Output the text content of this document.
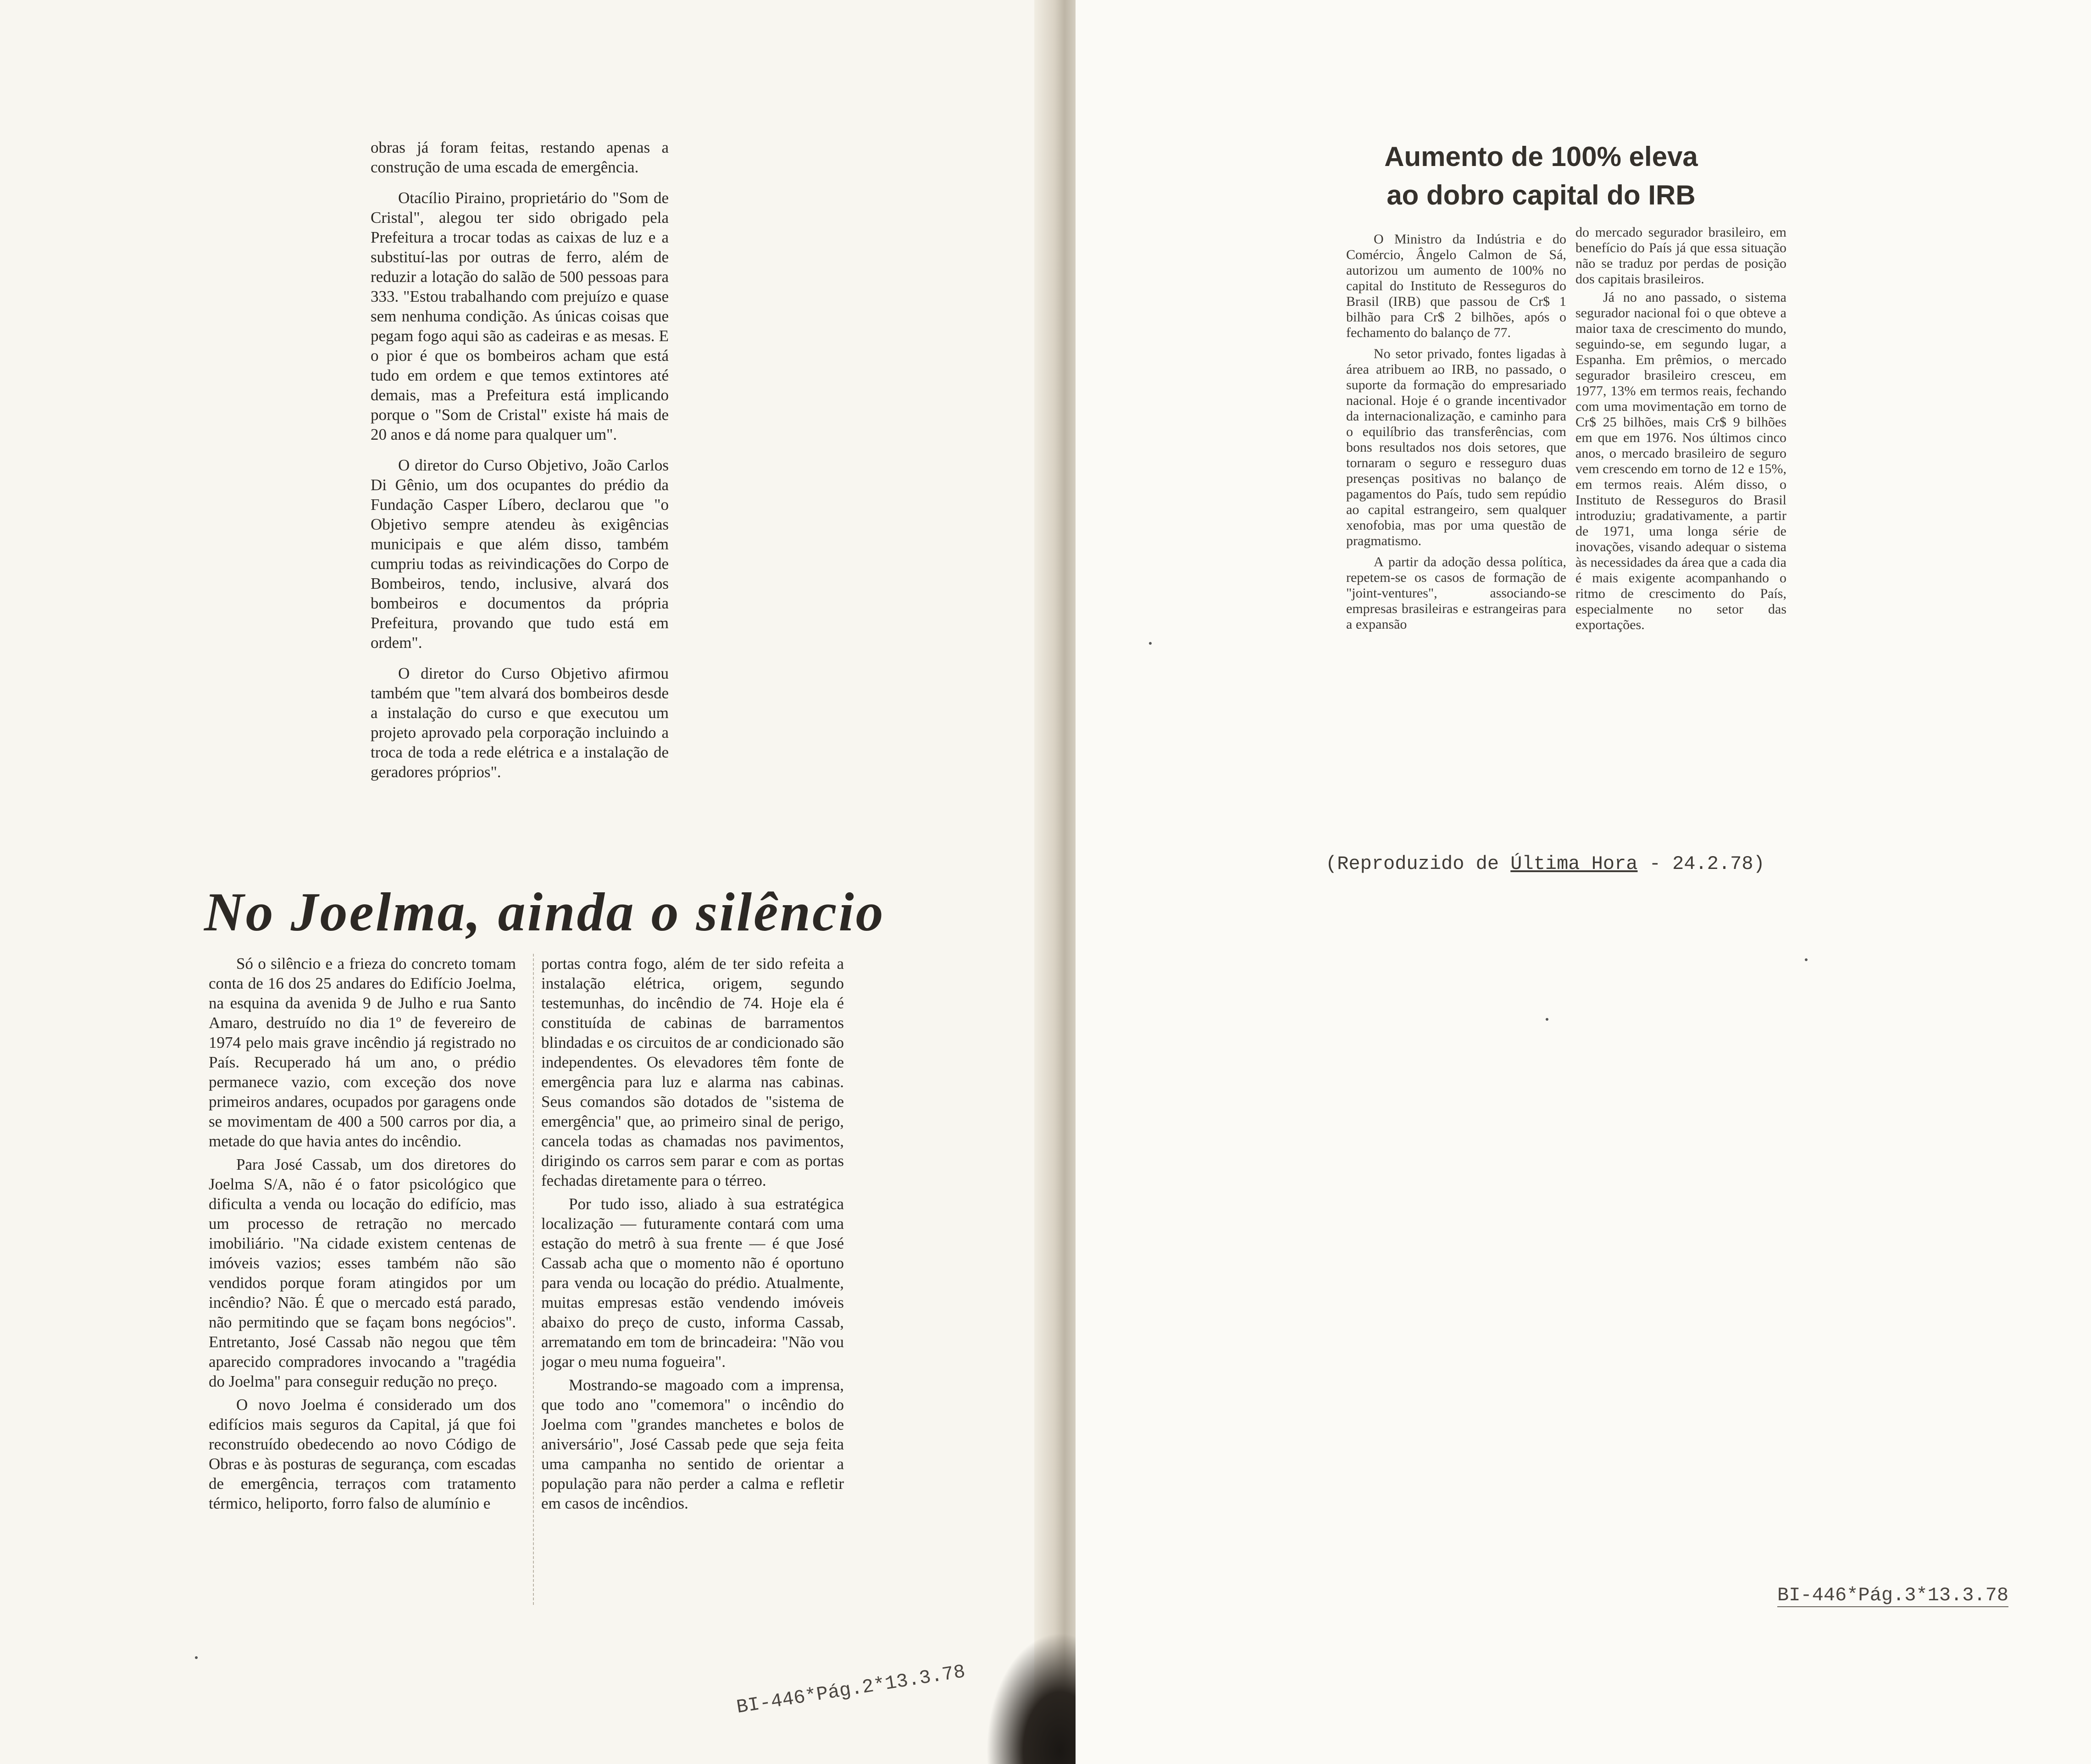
obras já foram feitas, restando apenas a construção de uma escada de emergência.

Otacílio Piraino, proprietário do "Som de Cristal", alegou ter sido obrigado pela Prefeitura a trocar todas as caixas de luz e a substituí-las por outras de ferro, além de reduzir a lotação do salão de 500 pessoas para 333. "Estou trabalhando com prejuízo e quase sem nenhuma condição. As únicas coisas que pegam fogo aqui são as cadeiras e as mesas. E o pior é que os bombeiros acham que está tudo em ordem e que temos extintores até demais, mas a Prefeitura está implicando porque o "Som de Cristal" existe há mais de 20 anos e dá nome para qualquer um".

O diretor do Curso Objetivo, João Carlos Di Gênio, um dos ocupantes do prédio da Fundação Casper Líbero, declarou que "o Objetivo sempre atendeu às exigências municipais e que além disso, também cumpriu todas as reivindicações do Corpo de Bombeiros, tendo, inclusive, alvará dos bombeiros e documentos da própria Prefeitura, provando que tudo está em ordem".

O diretor do Curso Objetivo afirmou também que "tem alvará dos bombeiros desde a instalação do curso e que executou um projeto aprovado pela corporação incluindo a troca de toda a rede elétrica e a instalação de geradores próprios".

No Joelma, ainda o silêncio

Só o silêncio e a frieza do concreto tomam conta de 16 dos 25 andares do Edifício Joelma, na esquina da avenida 9 de Julho e rua Santo Amaro, destruído no dia 1º de fevereiro de 1974 pelo mais grave incêndio já registrado no País. Recuperado há um ano, o prédio permanece vazio, com exceção dos nove primeiros andares, ocupados por garagens onde se movimentam de 400 a 500 carros por dia, a metade do que havia antes do incêndio.

Para José Cassab, um dos diretores do Joelma S/A, não é o fator psicológico que dificulta a venda ou locação do edifício, mas um processo de retração no mercado imobiliário. "Na cidade existem centenas de imóveis vazios; esses também não são vendidos porque foram atingidos por um incêndio? Não. É que o mercado está parado, não permitindo que se façam bons negócios". Entretanto, José Cassab não negou que têm aparecido compradores invocando a "tragédia do Joelma" para conseguir redução no preço.

O novo Joelma é considerado um dos edifícios mais seguros da Capital, já que foi reconstruído obedecendo ao novo Código de Obras e às posturas de segurança, com escadas de emergência, terraços com tratamento térmico, heliporto, forro falso de alumínio e

portas contra fogo, além de ter sido refeita a instalação elétrica, origem, segundo testemunhas, do incêndio de 74. Hoje ela é constituída de cabinas de barramentos blindadas e os circuitos de ar condicionado são independentes. Os elevadores têm fonte de emergência para luz e alarma nas cabinas. Seus comandos são dotados de "sistema de emergência" que, ao primeiro sinal de perigo, cancela todas as chamadas nos pavimentos, dirigindo os carros sem parar e com as portas fechadas diretamente para o térreo.

Por tudo isso, aliado à sua estratégica localização — futuramente contará com uma estação do metrô à sua frente — é que José Cassab acha que o momento não é oportuno para venda ou locação do prédio. Atualmente, muitas empresas estão vendendo imóveis abaixo do preço de custo, informa Cassab, arrematando em tom de brincadeira: "Não vou jogar o meu numa fogueira".

Mostrando-se magoado com a imprensa, que todo ano "comemora" o incêndio do Joelma com "grandes manchetes e bolos de aniversário", José Cassab pede que seja feita uma campanha no sentido de orientar a população para não perder a calma e refletir em casos de incêndios.

BI-446*Pág.2*13.3.78
Aumento de 100% eleva
ao dobro capital do IRB

O Ministro da Indústria e do Comércio, Ângelo Calmon de Sá, autorizou um aumento de 100% no capital do Instituto de Resseguros do Brasil (IRB) que passou de Cr$ 1 bilhão para Cr$ 2 bilhões, após o fechamento do balanço de 77.

No setor privado, fontes ligadas à área atribuem ao IRB, no passado, o suporte da formação do empresariado nacional. Hoje é o grande incentivador da internacionalização, e caminho para o equilíbrio das transferências, com bons resultados nos dois setores, que tornaram o seguro e resseguro duas presenças positivas no balanço de pagamentos do País, tudo sem repúdio ao capital estrangeiro, sem qualquer xenofobia, mas por uma questão de pragmatismo.

A partir da adoção dessa política, repetem-se os casos de formação de "joint-ventures", associando-se empresas brasileiras e estrangeiras para a expansão

do mercado segurador brasileiro, em benefício do País já que essa situação não se traduz por perdas de posição dos capitais brasileiros.

Já no ano passado, o sistema segurador nacional foi o que obteve a maior taxa de crescimento do mundo, seguindo-se, em segundo lugar, a Espanha. Em prêmios, o mercado segurador brasileiro cresceu, em 1977, 13% em termos reais, fechando com uma movimentação em torno de Cr$ 25 bilhões, mais Cr$ 9 bilhões em que em 1976. Nos últimos cinco anos, o mercado brasileiro de seguro vem crescendo em torno de 12 e 15%, em termos reais. Além disso, o Instituto de Resseguros do Brasil introduziu; gradativamente, a partir de 1971, uma longa série de inovações, visando adequar o sistema às necessidades da área que a cada dia é mais exigente acompanhando o ritmo de crescimento do País, especialmente no setor das exportações.

(Reproduzido de Última Hora - 24.2.78)
BI-446*Pág.3*13.3.78
